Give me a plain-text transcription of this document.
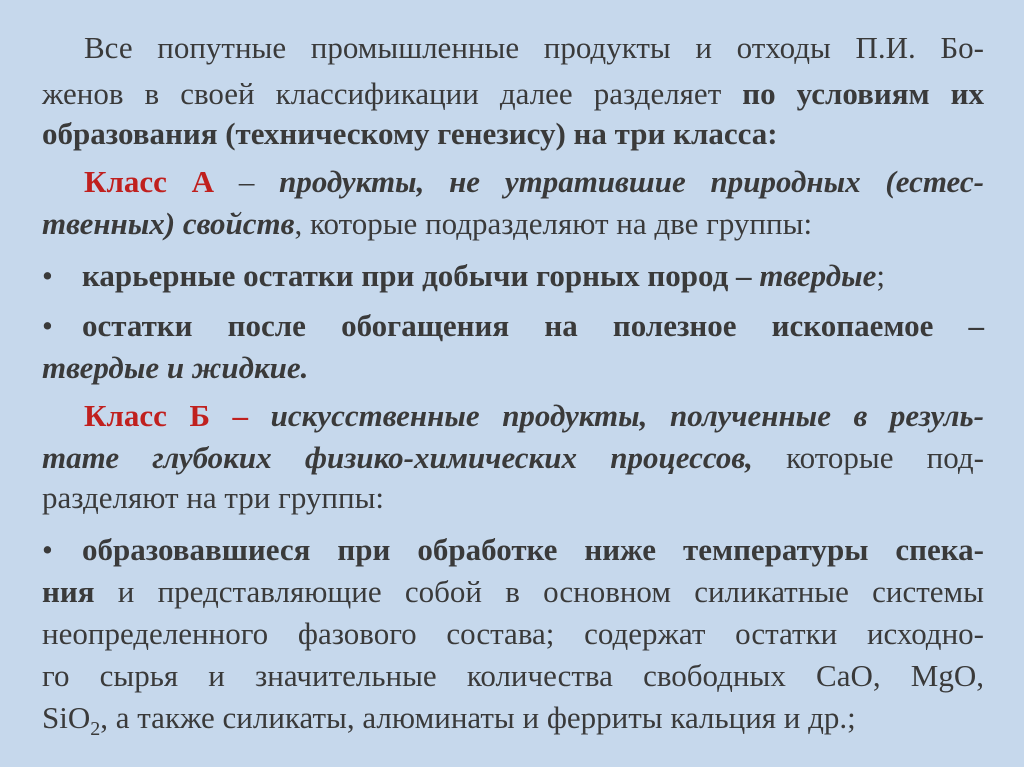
Все попутные промышленные продукты и отходы П.И. Бо-
женов в своей классификации далее разделяет по условиям их
образования (техническому генезису) на три класса:
Класс А – продукты, не утратившие природных (естес-
твенных) свойств, которые подразделяют на две группы:
• карьерные остатки при добычи горных пород – твердые;
• остатки после обогащения на полезное ископаемое –
твердые и жидкие.
Класс Б – искусственные продукты, полученные в резуль-
тате глубоких физико-химических процессов, которые под-
разделяют на три группы:
• образовавшиеся при обработке ниже температуры спека-
ния и представляющие собой в основном силикатные системы
неопределенного фазового состава; содержат остатки исходно-
го сырья и значительные количества свободных CaO, MgO,
SiO$_2$, а также силикаты, алюминаты и ферриты кальция и др.;
